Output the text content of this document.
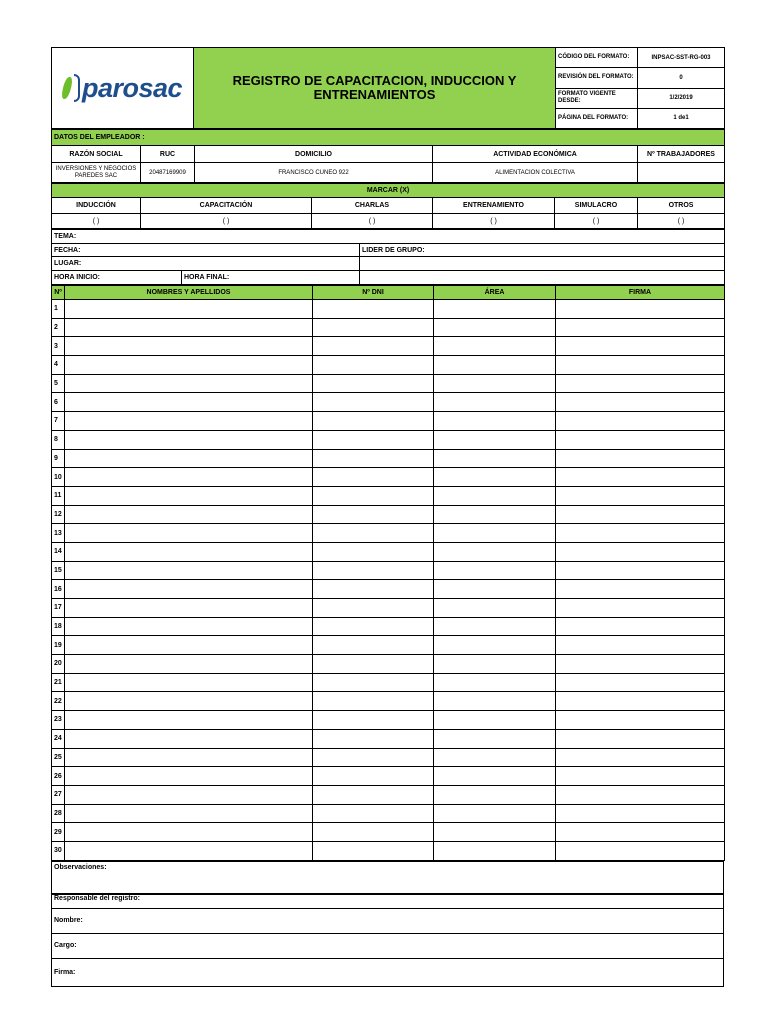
parosac	REGISTRO DE CAPACITACION, INDUCCION Y ENTRENAMIENTOS	CÓDIGO DEL FORMATO:	INPSAC-SST-RG-003
		REVISIÓN DEL FORMATO:	0
		FORMATO VIGENTE DESDE:	1/2/2019
		PÁGINA DEL FORMATO:	1 de1
DATOS DEL EMPLEADOR :				
RAZÓN SOCIAL	RUC	DOMICILIO	ACTIVIDAD ECONÓMICA	Nº TRABAJADORES
INVERSIONES Y NEGOCIOS PAREDES SAC	20487169909	FRANCISCO CUNEO 922	ALIMENTACION COLECTIVA	
MARCAR (X)					
INDUCCIÓN	CAPACITACIÓN	CHARLAS	ENTRENAMIENTO	SIMULACRO	OTROS
( )	( )	( )	( )	( )	( )
TEMA:		
FECHA:		LIDER DE GRUPO:
LUGAR:		
HORA INICIO:	HORA FINAL:	
Nº	NOMBRES Y APELLIDOS	Nº DNI	ÁREA	FIRMA
1				
2				
3				
4				
5				
6				
7				
8				
9				
10				
11				
12				
13				
14				
15				
16				
17				
18				
19				
20				
21				
22				
23				
24				
25				
26				
27				
28				
29				
30				
Observaciones:
Responsable del registro:
Nombre:
Cargo:
Firma:
